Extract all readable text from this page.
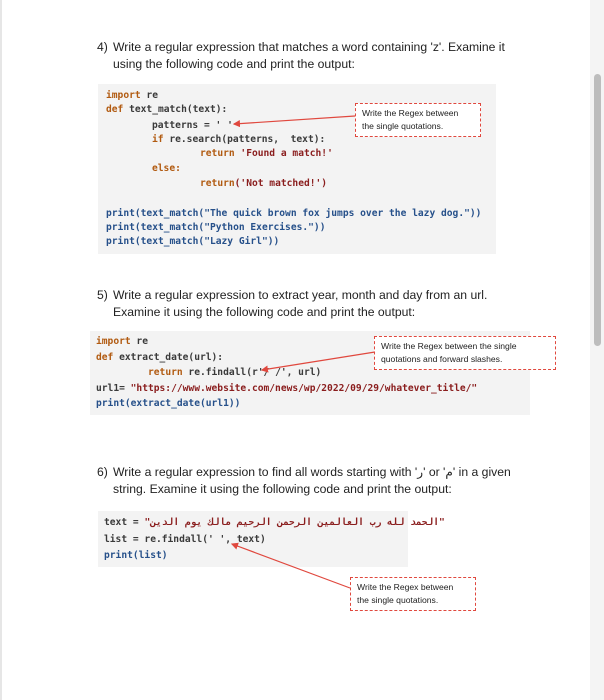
4) Write a regular expression that matches a word containing 'z'. Examine it
using the following code and print the output:
import re
def text_match(text):
patterns = ' '
if re.search(patterns,  text):
return 'Found a match!'
else:
return('Not matched!')
print(text_match("The quick brown fox jumps over the lazy dog."))
print(text_match("Python Exercises."))
print(text_match("Lazy Girl"))
Write the Regex between
the single quotations.
5) Write a regular expression to extract year, month and day from an url.
Examine it using the following code and print the output:
import re
def extract_date(url):
return re.findall(r'/ /', url)
url1= "https://www.website.com/news/wp/2022/09/29/whatever_title/"
print(extract_date(url1))
Write the Regex between the single
quotations and forward slashes.
6) Write a regular expression to find all words starting with 'ر' or 'م' in a given
string. Examine it using the following code and print the output:
text = "الحمد لله رب العالمين الرحمن الرحيم مالك يوم الدين"
list = re.findall(' ', text)
print(list)
Write the Regex between
the single quotations.
